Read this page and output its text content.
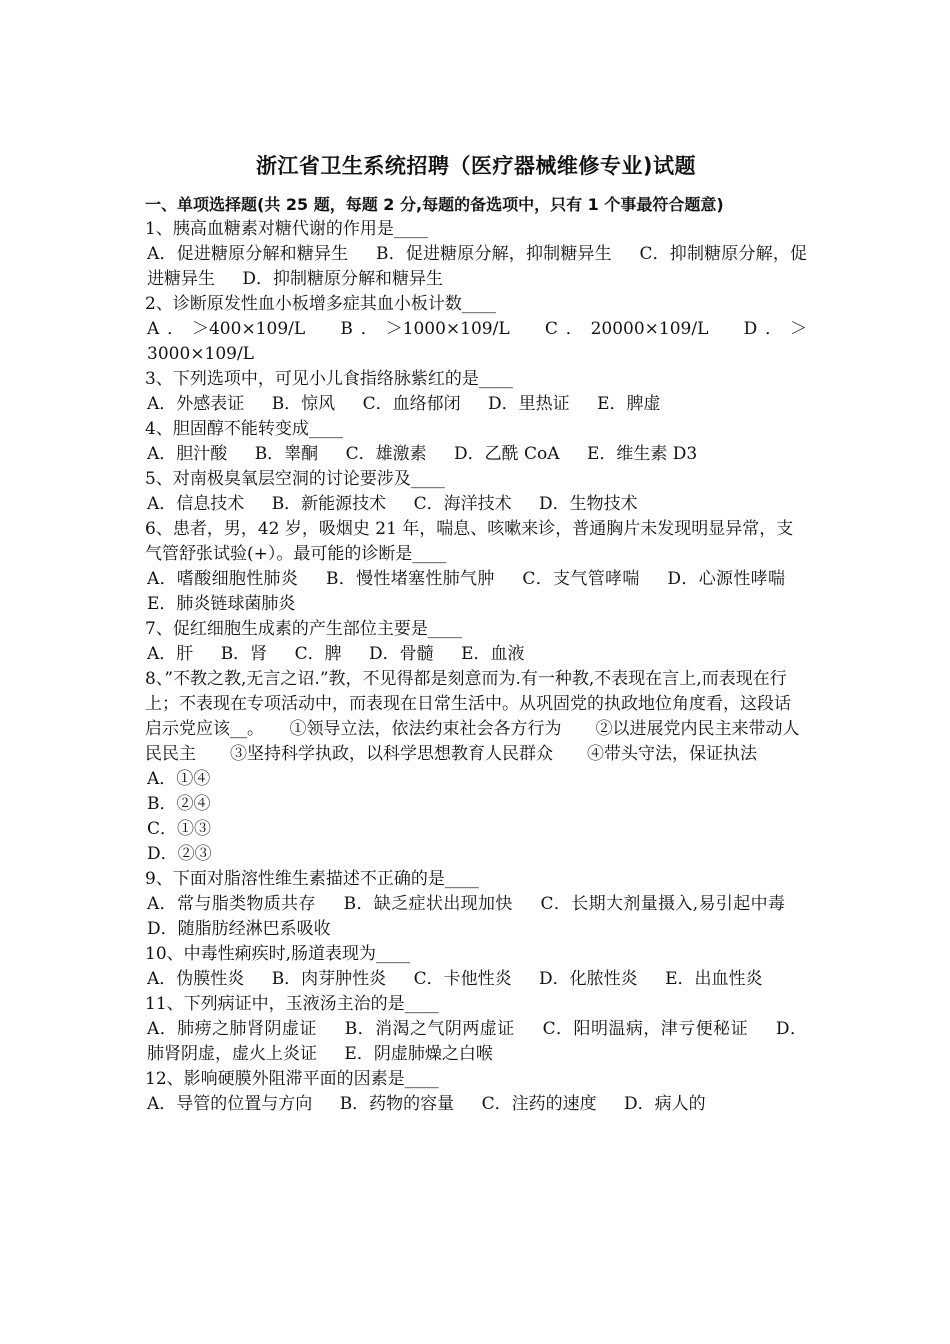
浙江省卫生系统招聘（医疗器械维修专业)试题
一、单项选择题(共 25 题，每题 2 分,每题的备选项中，只有 1 个事最符合题意)
1、胰高血糖素对糖代谢的作用是____
A．促进糖原分解和糖异生 B．促进糖原分解，抑制糖异生 C．抑制糖原分解，促进糖异生 D．抑制糖原分解和糖异生
2、诊断原发性血小板增多症其血小板计数____
A．＞400×109/L B．＞1000×109/L C．20000×109/L D．＞3000×109/L
3、下列选项中，可见小儿食指络脉紫红的是____
A．外感表证 B．惊风 C．血络郁闭 D．里热证 E．脾虚
4、胆固醇不能转变成____
A．胆汁酸 B．睾酮 C．雄激素 D．乙酰 CoA E．维生素 D3
5、对南极臭氧层空洞的讨论要涉及____
A．信息技术 B．新能源技术 C．海洋技术 D．生物技术
6、患者，男，42 岁，吸烟史 21 年，喘息、咳嗽来诊，普通胸片未发现明显异常，支气管舒张试验(+）。最可能的诊断是____
A．嗜酸细胞性肺炎 B．慢性堵塞性肺气肿 C．支气管哮喘 D．心源性哮喘 E．肺炎链球菌肺炎
7、促红细胞生成素的产生部位主要是____
A．肝 B．肾 C．脾 D．骨髓 E．血液
8、”不教之教,无言之诏.”教，不见得都是刻意而为.有一种教,不表现在言上,而表现在行上；不表现在专项活动中，而表现在日常生活中。从巩固党的执政地位角度看，这段话启示党应该__。　　①领导立法，依法约束社会各方行为　　②以进展党内民主来带动人民民主　　③坚持科学执政，以科学思想教育人民群众　　④带头守法，保证执法
A．①④
B．②④
C．①③
D．②③
9、下面对脂溶性维生素描述不正确的是____
A．常与脂类物质共存 B．缺乏症状出现加快 C．长期大剂量摄入,易引起中毒 D．随脂肪经淋巴系吸收
10、中毒性痢疾时,肠道表现为____
A．伪膜性炎 B．肉芽肿性炎 C．卡他性炎 D．化脓性炎 E．出血性炎
11、下列病证中，玉液汤主治的是____
A．肺痨之肺肾阴虚证 B．消渴之气阴两虚证 C．阳明温病，津亏便秘证 D．肺肾阴虚，虚火上炎证 E．阴虚肺燥之白喉
12、影响硬膜外阻滞平面的因素是____
A．导管的位置与方向 B．药物的容量 C．注药的速度 D．病人的
